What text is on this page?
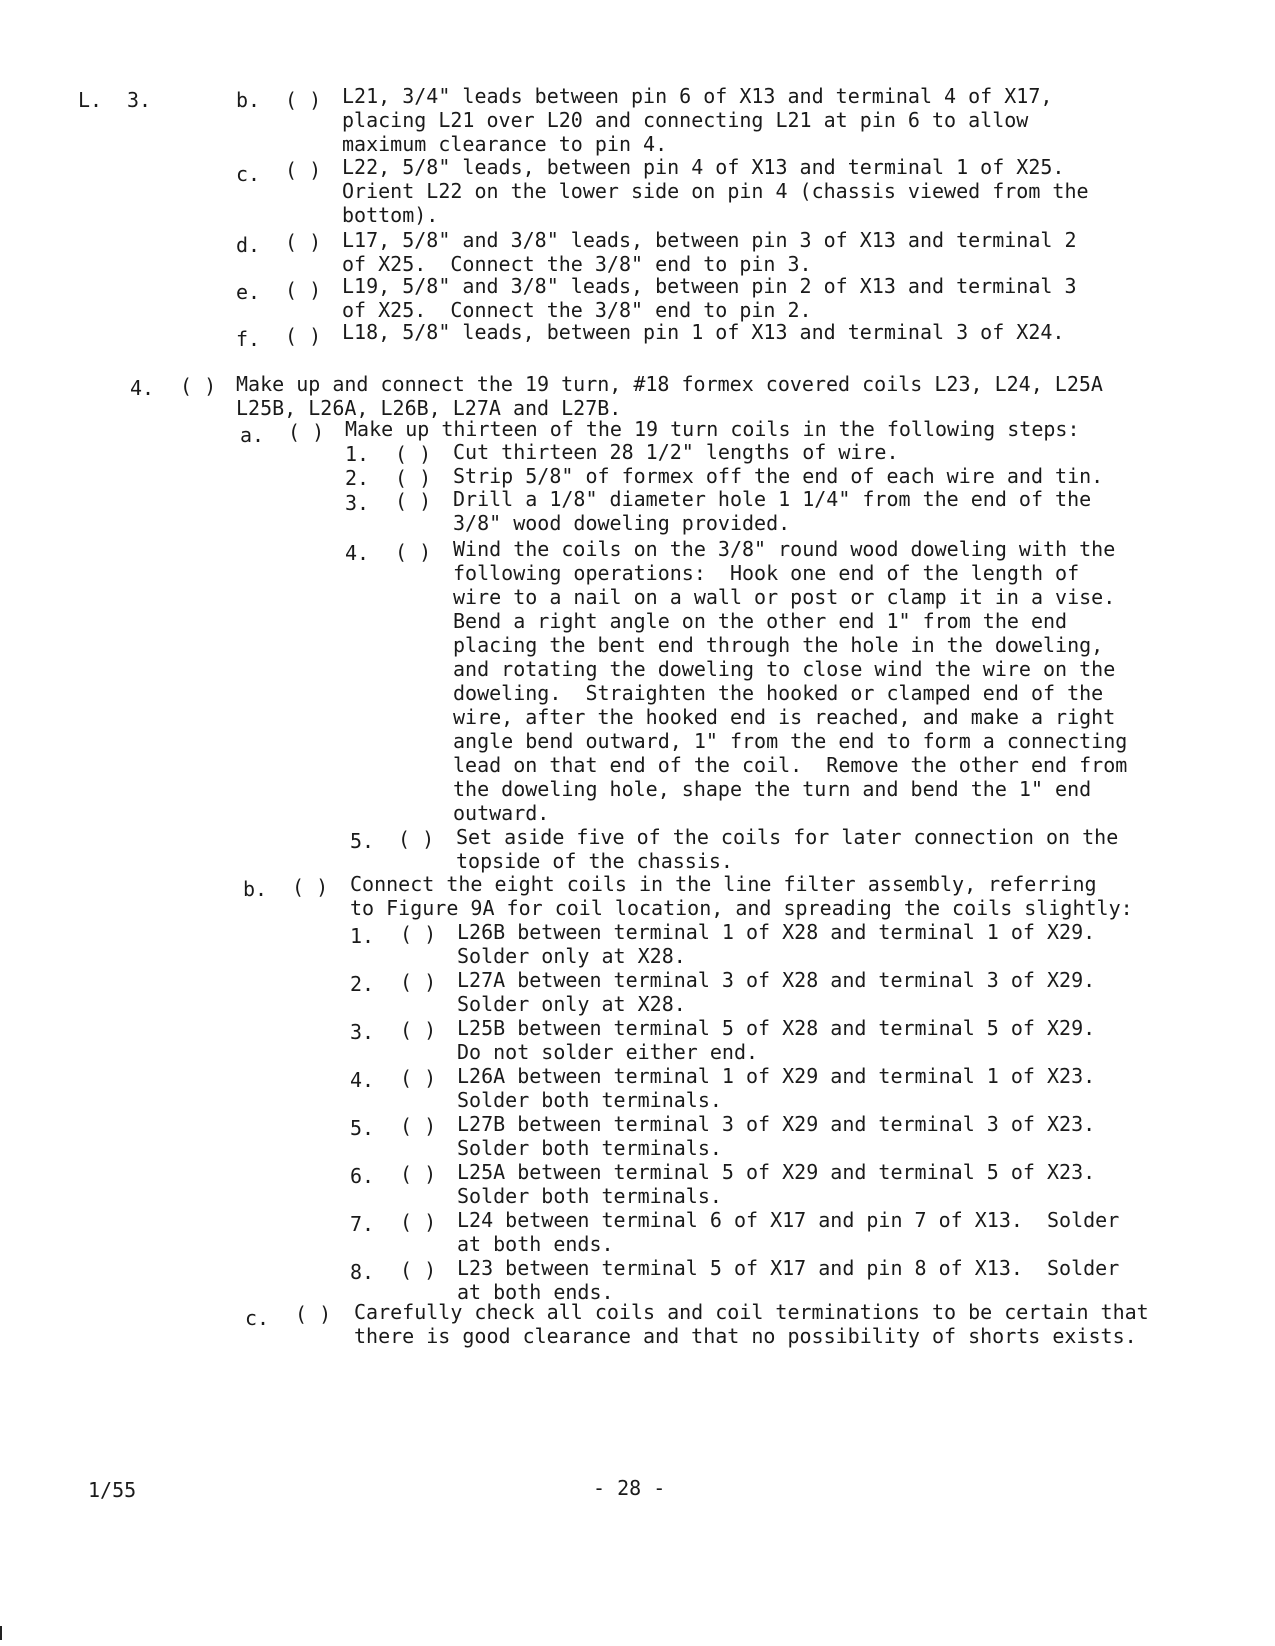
L. 3.	b. ( ) L21, 3/4" leads between pin 6 of X13 and terminal 4 of X17,
placing L21 over L20 and connecting L21 at pin 6 to allow
maximum clearance to pin 4.
c. ( ) L22, 5/8" leads, between pin 4 of X13 and terminal 1 of X25.
Orient L22 on the lower side on pin 4 (chassis viewed from the
bottom).
d. ( ) L17, 5/8" and 3/8" leads, between pin 3 of X13 and terminal 2
of X25.  Connect the 3/8" end to pin 3.
e. ( ) L19, 5/8" and 3/8" leads, between pin 2 of X13 and terminal 3
of X25.  Connect the 3/8" end to pin 2.
f. ( ) L18, 5/8" leads, between pin 1 of X13 and terminal 3 of X24.
4. ( ) Make up and connect the 19 turn, #18 formex covered coils L23, L24, L25A
L25B, L26A, L26B, L27A and L27B.
a. ( ) Make up thirteen of the 19 turn coils in the following steps:
1. ( ) Cut thirteen 28 1/2" lengths of wire.
2. ( ) Strip 5/8" of formex off the end of each wire and tin.
3. ( ) Drill a 1/8" diameter hole 1 1/4" from the end of the
3/8" wood doweling provided.
4. ( ) Wind the coils on the 3/8" round wood doweling with the
following operations:  Hook one end of the length of
wire to a nail on a wall or post or clamp it in a vise.
Bend a right angle on the other end 1" from the end
placing the bent end through the hole in the doweling,
and rotating the doweling to close wind the wire on the
doweling.  Straighten the hooked or clamped end of the
wire, after the hooked end is reached, and make a right
angle bend outward, 1" from the end to form a connecting
lead on that end of the coil.  Remove the other end from
the doweling hole, shape the turn and bend the 1" end
outward.
5. ( ) Set aside five of the coils for later connection on the
topside of the chassis.
b. ( ) Connect the eight coils in the line filter assembly, referring
to Figure 9A for coil location, and spreading the coils slightly:
1. ( ) L26B between terminal 1 of X28 and terminal 1 of X29.
Solder only at X28.
2. ( ) L27A between terminal 3 of X28 and terminal 3 of X29.
Solder only at X28.
3. ( ) L25B between terminal 5 of X28 and terminal 5 of X29.
Do not solder either end.
4. ( ) L26A between terminal 1 of X29 and terminal 1 of X23.
Solder both terminals.
5. ( ) L27B between terminal 3 of X29 and terminal 3 of X23.
Solder both terminals.
6. ( ) L25A between terminal 5 of X29 and terminal 5 of X23.
Solder both terminals.
7. ( ) L24 between terminal 6 of X17 and pin 7 of X13.  Solder
at both ends.
8. ( ) L23 between terminal 5 of X17 and pin 8 of X13.  Solder
at both ends.
c. ( ) Carefully check all coils and coil terminations to be certain that
there is good clearance and that no possibility of shorts exists.
1/55	- 28 -
